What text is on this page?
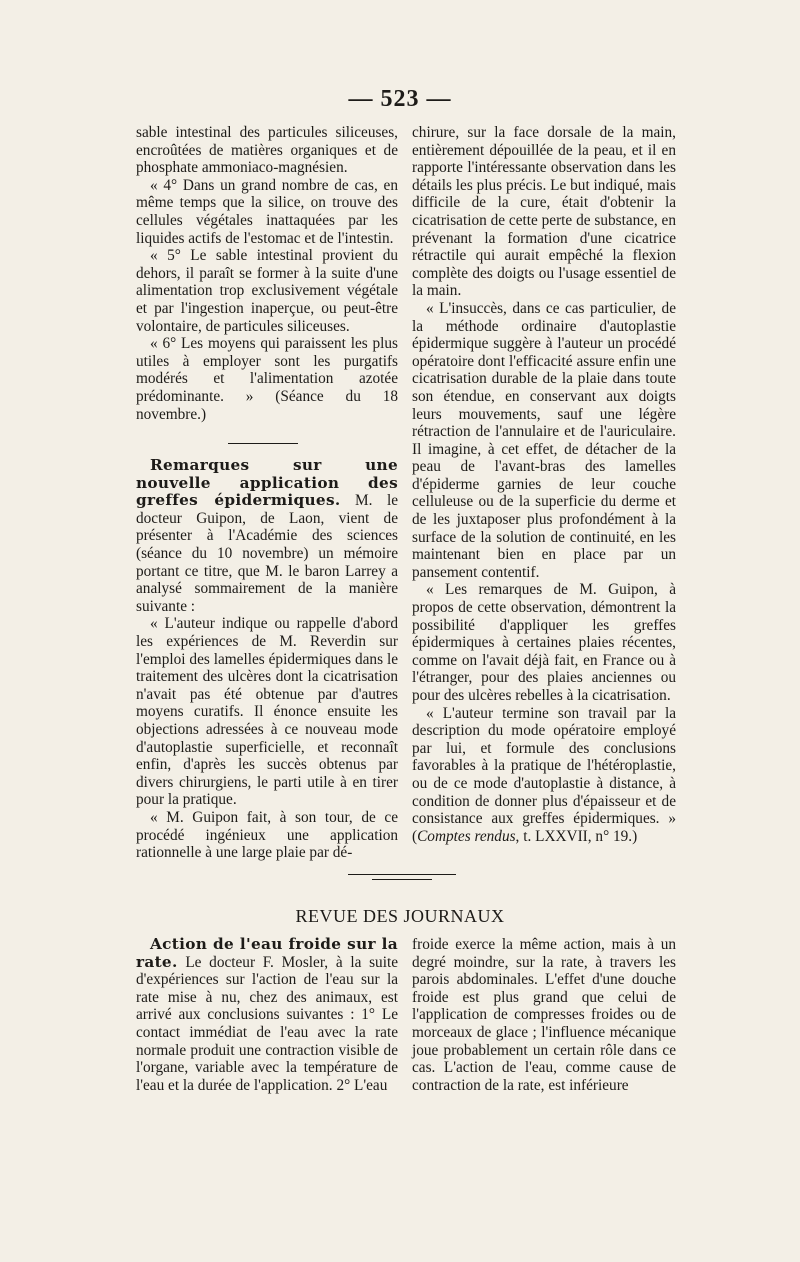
— 523 —

sable intestinal des particules siliceuses, encroûtées de matières organiques et de phosphate ammoniaco-magnésien.

« 4° Dans un grand nombre de cas, en même temps que la silice, on trouve des cellules végétales inattaquées par les liquides actifs de l'estomac et de l'intestin.

« 5° Le sable intestinal provient du dehors, il paraît se former à la suite d'une alimentation trop exclusivement végétale et par l'ingestion inaperçue, ou peut-être volontaire, de particules siliceuses.

« 6° Les moyens qui paraissent les plus utiles à employer sont les purgatifs modérés et l'alimentation azotée prédominante. » (Séance du 18 novembre.)

Remarques sur une nouvelle application des greffes épidermiques. M. le docteur Guipon, de Laon, vient de présenter à l'Académie des sciences (séance du 10 novembre) un mémoire portant ce titre, que M. le baron Larrey a analysé sommairement de la manière suivante :

« L'auteur indique ou rappelle d'abord les expériences de M. Reverdin sur l'emploi des lamelles épidermiques dans le traitement des ulcères dont la cicatrisation n'avait pas été obtenue par d'autres moyens curatifs. Il énonce ensuite les objections adressées à ce nouveau mode d'autoplastie superficielle, et reconnaît enfin, d'après les succès obtenus par divers chirurgiens, le parti utile à en tirer pour la pratique.

« M. Guipon fait, à son tour, de ce procédé ingénieux une application rationnelle à une large plaie par dé-

chirure, sur la face dorsale de la main, entièrement dépouillée de la peau, et il en rapporte l'intéressante observation dans les détails les plus précis. Le but indiqué, mais difficile de la cure, était d'obtenir la cicatrisation de cette perte de substance, en prévenant la formation d'une cicatrice rétractile qui aurait empêché la flexion complète des doigts ou l'usage essentiel de la main.

« L'insuccès, dans ce cas particulier, de la méthode ordinaire d'autoplastie épidermique suggère à l'auteur un procédé opératoire dont l'efficacité assure enfin une cicatrisation durable de la plaie dans toute son étendue, en conservant aux doigts leurs mouvements, sauf une légère rétraction de l'annulaire et de l'auriculaire. Il imagine, à cet effet, de détacher de la peau de l'avant-bras des lamelles d'épiderme garnies de leur couche celluleuse ou de la superficie du derme et de les juxtaposer plus profondément à la surface de la solution de continuité, en les maintenant bien en place par un pansement contentif.

« Les remarques de M. Guipon, à propos de cette observation, démontrent la possibilité d'appliquer les greffes épidermiques à certaines plaies récentes, comme on l'avait déjà fait, en France ou à l'étranger, pour des plaies anciennes ou pour des ulcères rebelles à la cicatrisation.

« L'auteur termine son travail par la description du mode opératoire employé par lui, et formule des conclusions favorables à la pratique de l'hétéroplastie, ou de ce mode d'autoplastie à distance, à condition de donner plus d'épaisseur et de consistance aux greffes épidermiques. » (Comptes rendus, t. LXXVII, n° 19.)

REVUE DES JOURNAUX

Action de l'eau froide sur la rate. Le docteur F. Mosler, à la suite d'expériences sur l'action de l'eau sur la rate mise à nu, chez des animaux, est arrivé aux conclusions suivantes : 1° Le contact immédiat de l'eau avec la rate normale produit une contraction visible de l'organe, variable avec la température de l'eau et la durée de l'application. 2° L'eau

froide exerce la même action, mais à un degré moindre, sur la rate, à travers les parois abdominales. L'effet d'une douche froide est plus grand que celui de l'application de compresses froides ou de morceaux de glace ; l'influence mécanique joue probablement un certain rôle dans ce cas. L'action de l'eau, comme cause de contraction de la rate, est inférieure
